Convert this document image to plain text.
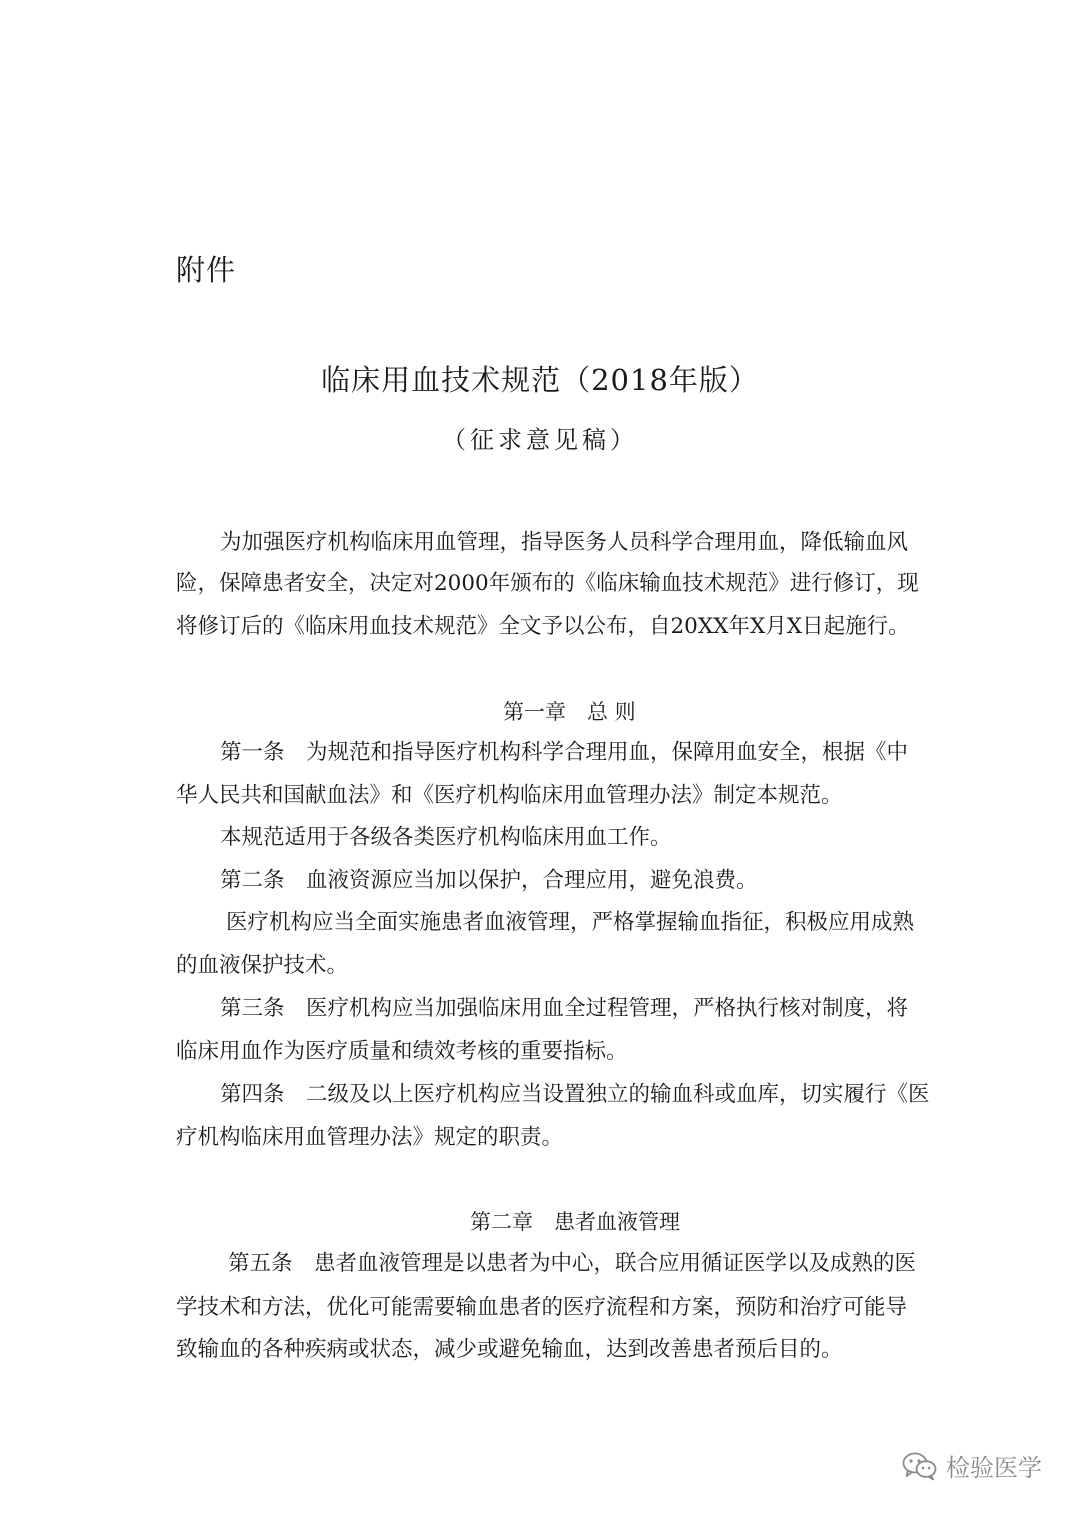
附件
临床用血技术规范（2018年版）
（征求意见稿）

为加强医疗机构临床用血管理，指导医务人员科学合理用血，降低输血风

险，保障患者安全，决定对2000年颁布的《临床输血技术规范》进行修订，现

将修订后的《临床用血技术规范》全文予以公布，自20XX年X月X日起施行。

第一章　总 则

第一条　为规范和指导医疗机构科学合理用血，保障用血安全，根据《中

华人民共和国献血法》和《医疗机构临床用血管理办法》制定本规范。

本规范适用于各级各类医疗机构临床用血工作。

第二条　血液资源应当加以保护，合理应用，避免浪费。

医疗机构应当全面实施患者血液管理，严格掌握输血指征，积极应用成熟

的血液保护技术。

第三条　医疗机构应当加强临床用血全过程管理，严格执行核对制度，将

临床用血作为医疗质量和绩效考核的重要指标。

第四条　二级及以上医疗机构应当设置独立的输血科或血库，切实履行《医

疗机构临床用血管理办法》规定的职责。

第二章　患者血液管理

第五条　患者血液管理是以患者为中心，联合应用循证医学以及成熟的医

学技术和方法，优化可能需要输血患者的医疗流程和方案，预防和治疗可能导

致输血的各种疾病或状态，减少或避免输血，达到改善患者预后目的。

检验医学
